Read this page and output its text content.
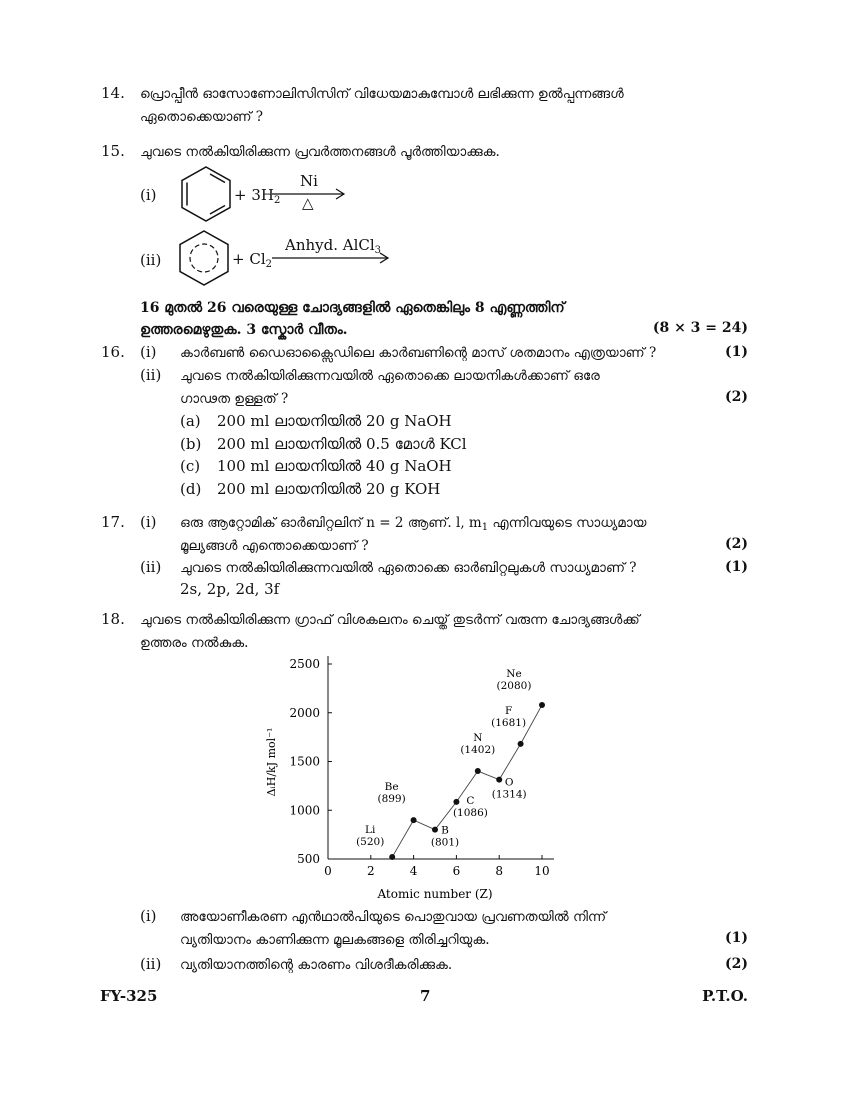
14. പ്രൊപ്പീൻ ഓസോണോലിസിസിന് വിധേയമാകുമ്പോൾ ലഭിക്കുന്ന ഉൽപ്പന്നങ്ങൾ
ഏതൊക്കെയാണ് ?
15. ചുവടെ നൽകിയിരിക്കുന്ന പ്രവർത്തനങ്ങൾ പൂർത്തിയാക്കുക.
(i)	+ $3H_2$
Ni
△
(ii)	+ $Cl_2$
Anhyd. AlCl$_3$
16 മുതൽ 26 വരെയുള്ള ചോദ്യങ്ങളിൽ ഏതെങ്കിലും 8 എണ്ണത്തിന്
ഉത്തരമെഴുതുക. 3 സ്കോർ വീതം.	(8 × 3 = 24)
16. (i) കാർബൺ ഡൈഓക്സൈഡിലെ കാർബണിന്റെ മാസ് ശതമാനം എത്രയാണ് ?	(1)
(ii) ചുവടെ നൽകിയിരിക്കുന്നവയിൽ ഏതൊക്കെ ലായനികൾക്കാണ് ഒരേ
ഗാഢത ഉള്ളത് ?	(2)
(a) 200 ml ലായനിയിൽ 20 g NaOH
(b) 200 ml ലായനിയിൽ 0.5 മോൾ KCl
(c) 100 ml ലായനിയിൽ 40 g NaOH
(d) 200 ml ലായനിയിൽ 20 g KOH
17. (i) ഒരു ആറ്റോമിക് ഓർബിറ്റലിന് n = 2 ആണ്. l, $m_1$ എന്നിവയുടെ സാധ്യമായ
മൂല്യങ്ങൾ എന്തൊക്കെയാണ് ?	(2)
(ii) ചുവടെ നൽകിയിരിക്കുന്നവയിൽ ഏതൊക്കെ ഓർബിറ്റലുകൾ സാധ്യമാണ് ?	(1)
2s, 2p, 2d, 3f
18. ചുവടെ നൽകിയിരിക്കുന്ന ഗ്രാഫ് വിശകലനം ചെയ്ത് തുടർന്ന് വരുന്ന ചോദ്യങ്ങൾക്ക്
ഉത്തരം നൽകുക.
0	2	4	6	8	10
500
1000
1500
2000
2500
Li
(520)
Be
(899)
B
(801)
C
(1086)
N
(1402)
O
(1314)
F
(1681)
Ne
(2080)
Atomic number (Z)
ΔᵢH/kJ mol⁻¹
(i) അയോണീകരണ എൻഥാൽപിയുടെ പൊതുവായ പ്രവണതയിൽ നിന്ന്
വ്യതിയാനം കാണിക്കുന്ന മൂലകങ്ങളെ തിരിച്ചറിയുക.	(1)
(ii) വ്യതിയാനത്തിന്റെ കാരണം വിശദീകരിക്കുക.	(2)
FY-325	7	P.T.O.
